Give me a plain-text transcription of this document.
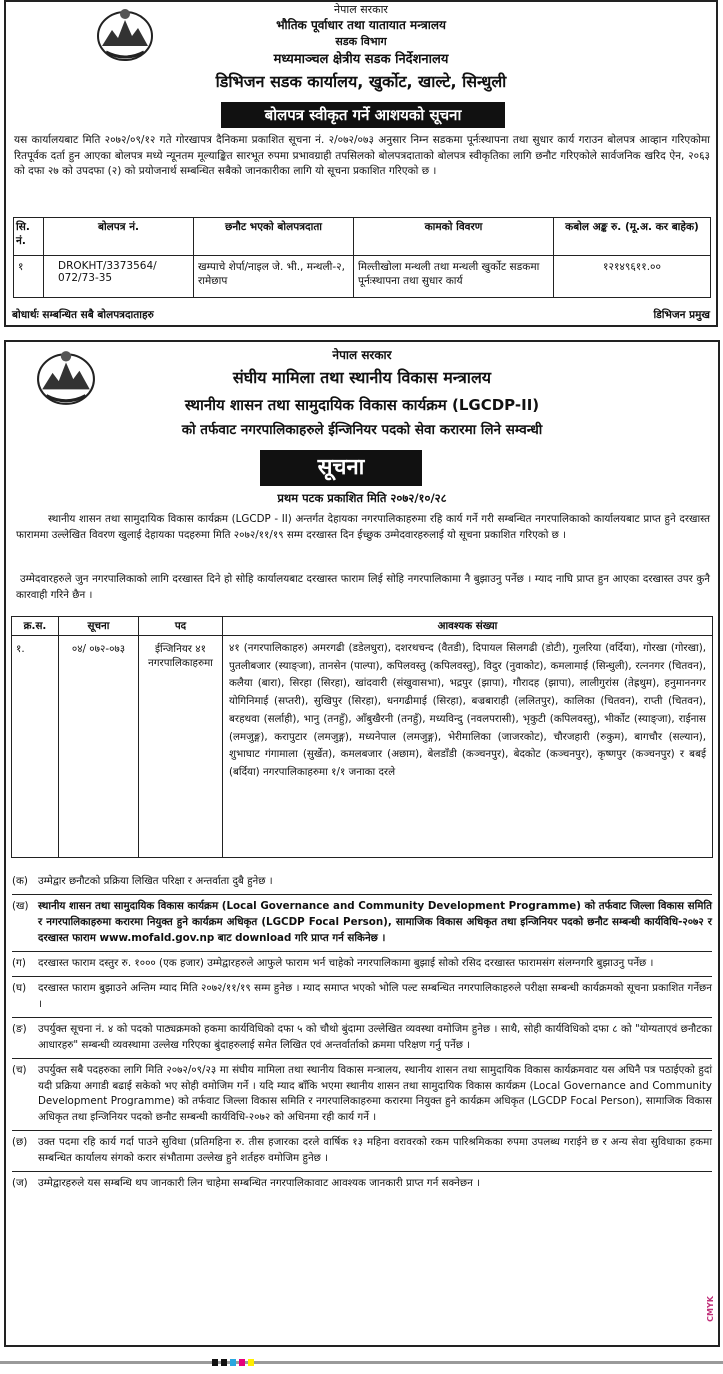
नेपाल सरकार
भौतिक पूर्वाधार तथा यातायात मन्त्रालय
सडक विभाग
मध्यमाञ्चल क्षेत्रीय सडक निर्देशनालय
डिभिजन सडक कार्यालय, खुर्कोट, खाल्टे, सिन्धुली
बोलपत्र स्वीकृत गर्ने आशयको सूचना
यस कार्यालयबाट मिति २०७२/०९/१२ गते गोरखापत्र दैनिकमा प्रकाशित सूचना नं. २/०७२/०७३ अनुसार निम्न सडकमा पूर्नःस्थापना तथा सुधार कार्य गराउन बोलपत्र आव्हान गरिएकोमा रितपूर्वक दर्ता हुन आएका बोलपत्र मध्ये न्यूनतम मूल्याङ्कित सारभूत रुपमा प्रभावग्राही तपसिलको बोलपत्रदाताको बोलपत्र स्वीकृतिका लागि छनौट गरिएकोले सार्वजनिक खरिद ऐन, २०६३ को दफा २७ को उपदफा (२) को प्रयोजनार्थ सम्बन्धित सबैको जानकारीका लागि यो सूचना प्रकाशित गरिएको छ ।
सि. नं.	बोलपत्र नं.	छनौट भएको बोलपत्रदाता	कामको विवरण	कबोल अङ्क रु. (मू.अ. कर बाहेक)
१	DROKHT/3373564/ 072/73-35	खम्पाचे शेर्पा/नाइल जे. भी., मन्थली-२, रामेछाप	मिल्तीखोला मन्थली तथा मन्थली खुर्कोट सडकमा पूर्नःस्थापना तथा सुधार कार्य	१२१४९६११.००
बोधार्थः सम्बन्धित सबै बोलपत्रदाताहरु	डिभिजन प्रमुख
नेपाल सरकार
संघीय मामिला तथा स्थानीय विकास मन्त्रालय
स्थानीय शासन तथा सामुदायिक विकास कार्यक्रम (LGCDP-II)
को तर्फवाट नगरपालिकाहरुले ईन्जिनियर पदको सेवा करारमा लिने सम्वन्धी
सूचना
प्रथम पटक प्रकाशित मिति २०७२/१०/२८
स्थानीय शासन तथा सामुदायिक विकास कार्यक्रम (LGCDP - II) अन्तर्गत देहायका नगरपालिकाहरुमा रहि कार्य गर्ने गरी सम्बन्धित नगरपालिकाको कार्यालयबाट प्राप्त हुने दरखास्त फाराममा उल्लेखित विवरण खुलाई देहायका पदहरुमा मिति २०७२/११/१९ सम्म दरखास्त दिन ईच्छुक उम्मेदवारहरुलाई यो सूचना प्रकाशित गरिएको छ ।
उम्मेदवारहरुले जुन नगरपालिकाको लागि दरखास्त दिने हो सोहि कार्यालयबाट दरखास्त फाराम लिई सोहि नगरपालिकामा नै बुझाउनु पर्नेछ । म्याद नाघि प्राप्त हुन आएका दरखास्त उपर कुनै कारवाही गरिने छैन ।
क्र.स.	सूचना	पद	आवश्यक संख्या
१.	०४/ ०७२-०७३	ईन्जिनियर ४१ नगरपालिकाहरुमा	४१ (नगरपालिकाहरु) अमरगढी (डडेलधुरा), दशरथचन्द (वैतडी), दिपायल सिलगढी (डोटी), गुलरिया (वर्दिया), गोरखा (गोरखा), पुतलीबजार (स्याङ्जा), तानसेन (पाल्पा), कपिलवस्तु (कपिलवस्तु), विदुर (नुवाकोट), कमलामाई (सिन्धुली), रत्ननगर (चितवन), कलैया (बारा), सिरहा (सिरहा), खांदवारी (संखुवासभा), भद्रपुर (झापा), गौरादह (झापा), लालीगुरांस (तेह्रथुम), हनुमाननगर योगिनिमाई (सप्तरी), सुखिपुर (सिरहा), धनगढीमाई (सिरहा), बज्रबाराही (ललितपुर), कालिका (चितवन), राप्ती (चितवन), बरहथवा (सर्लाही), भानु (तनहुँ), आँबुखैरनी (तनहुँ), मध्यविन्दु (नवलपरासी), भृकुटी (कपिलवस्तु), भीर्कोट (स्याङ्जा), राईनास (लमजुङ्ग), करापुटार (लमजुङ्ग), मध्यनेपाल (लमजुङ्ग), भेरीमालिका (जाजरकोट), चौरजहारी (रुकुम), बागचौर (सल्यान), शुभाघाट गंगामाला (सुर्खेत), कमलबजार (अछाम), बेलडाँडी (कञ्चनपुर), बेदकोट (कञ्चनपुर), कृष्णपुर (कञ्चनपुर) र बबई (बर्दिया) नगरपालिकाहरुमा १/१ जनाका दरले
(क) उम्मेद्वार छनौटको प्रक्रिया लिखित परिक्षा र अन्तर्वाता दुबै हुनेछ ।
(ख) स्थानीय शासन तथा सामुदायिक विकास कार्यक्रम (Local Governance and Community Development Programme) को तर्फवाट जिल्ला विकास समिति र नगरपालिकाहरुमा करारमा नियुक्त हुने कार्यक्रम अधिकृत (LGCDP Focal Person), सामाजिक विकास अधिकृत तथा इन्जिनियर पदको छनौट सम्बन्धी कार्यविधि-२०७२ र दरखास्त फाराम www.mofald.gov.np बाट download गरि प्राप्त गर्न सकिनेछ ।
(ग)	दरखास्त फाराम दस्तुर रु. १००० (एक हजार) उम्मेद्वारहरुले आफुले फाराम भर्न चाहेको नगरपालिकामा बुझाई सोको रसिद दरखास्त फारामसंग संलग्नगरि बुझाउनु पर्नेछ ।
(घ)	दरखास्त फाराम बुझाउने अन्तिम म्याद मिति २०७२/११/१९ सम्म हुनेछ । म्याद समाप्त भएको भोलि पल्ट सम्बन्धित नगरपालिकाहरुले परीक्षा सम्बन्धी कार्यक्रमको सूचना प्रकाशित गर्नेछन ।
(ङ)	उपर्युक्त सूचना नं. ४ को पदको पाठ्यक्रमको हकमा कार्यविधिको दफा ५ को चौथो बुंदामा उल्लेखित व्यवस्था वमोजिम हुनेछ । साथै, सोही कार्यविधिको दफा ८ को "योग्यताएवं छनौटका आधारहरु" सम्बन्धी व्यवस्थामा उल्लेख गरिएका बुंदाहरुलाई समेत लिखित एवं अन्तर्वार्ताको क्रममा परिक्षण गर्नु पर्नेछ ।
(च)	उपर्युक्त सबै पदहरुका लागि मिति २०७२/०९/२३ मा संघीय मामिला तथा स्थानीय विकास मन्त्रालय, स्थानीय शासन तथा सामुदायिक विकास कार्यक्रमवाट यस अघिनै पत्र पठाईएको हुदां यदी प्रक्रिया अगाडी बढाई सकेको भए सोही वमोजिम गर्ने । यदि म्याद बाँकि भएमा स्थानीय शासन तथा सामुदायिक विकास कार्यक्रम (Local Governance and Community Development Programme) को तर्फवाट जिल्ला विकास समिति र नगरपालिकाहरुमा करारमा नियुक्त हुने कार्यक्रम अधिकृत (LGCDP Focal Person), सामाजिक विकास अधिकृत तथा इन्जिनियर पदको छनौट सम्बन्धी कार्यविधि-२०७२ को अधिनमा रही कार्य गर्ने ।
(छ)	उक्त पदमा रहि कार्य गर्दा पाउने सुविधा (प्रतिमहिना रु. तीस हजारका दरले वार्षिक १३ महिना वरावरको रकम पारिश्रमिकका रुपमा उपलब्ध गराईने छ र अन्य सेवा सुविधाका हकमा सम्बन्धित कार्यालय संगको करार संभौतामा उल्लेख हुने शर्तहरु वमोजिम हुनेछ ।
(ज)	उम्मेद्वारहरुले यस सम्बन्धि थप जानकारी लिन चाहेमा सम्बन्धित नगरपालिकावाट आवश्यक जानकारी प्राप्त गर्न सक्नेछन ।
CMYK
